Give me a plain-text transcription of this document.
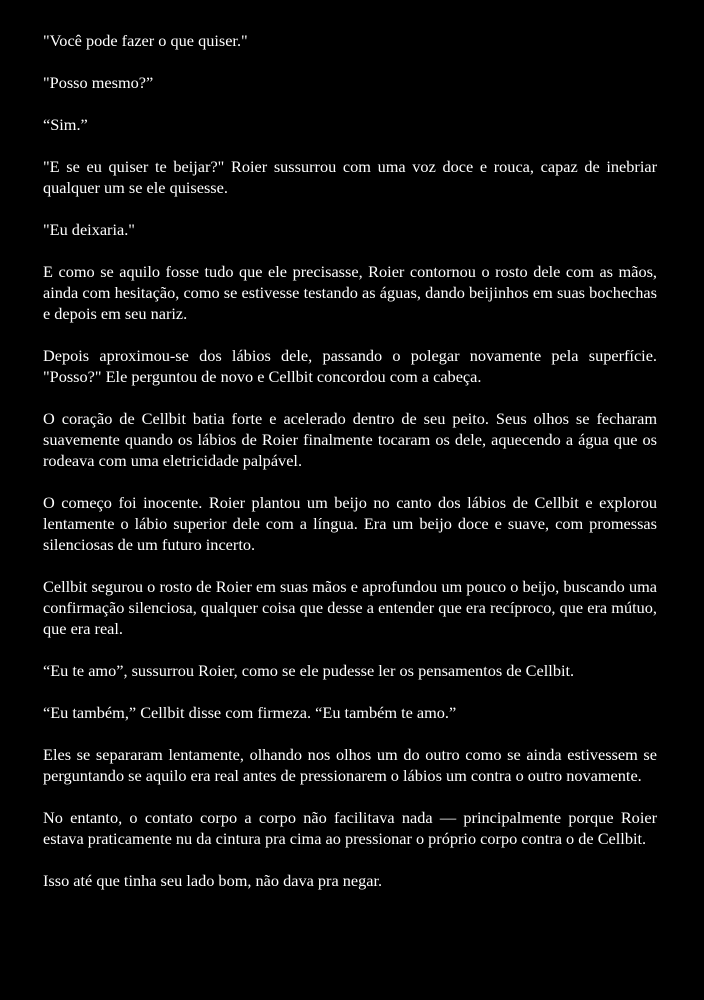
"Você pode fazer o que quiser."

"Posso mesmo?”

“Sim.”

"E se eu quiser te beijar?" Roier sussurrou com uma voz doce e rouca, capaz de inebriar qualquer um se ele quisesse.

"Eu deixaria."

E como se aquilo fosse tudo que ele precisasse, Roier contornou o rosto dele com as mãos, ainda com hesitação, como se estivesse testando as águas, dando beijinhos em suas bochechas e depois em seu nariz.

Depois aproximou-se dos lábios dele, passando o polegar novamente pela superfície. "Posso?" Ele perguntou de novo e Cellbit concordou com a cabeça.

O coração de Cellbit batia forte e acelerado dentro de seu peito. Seus olhos se fecharam suavemente quando os lábios de Roier finalmente tocaram os dele, aquecendo a água que os rodeava com uma eletricidade palpável.

O começo foi inocente. Roier plantou um beijo no canto dos lábios de Cellbit e explorou lentamente o lábio superior dele com a língua. Era um beijo doce e suave, com promessas silenciosas de um futuro incerto.

Cellbit segurou o rosto de Roier em suas mãos e aprofundou um pouco o beijo, buscando uma confirmação silenciosa, qualquer coisa que desse a entender que era recíproco, que era mútuo, que era real.

“Eu te amo”, sussurrou Roier, como se ele pudesse ler os pensamentos de Cellbit.

“Eu também,” Cellbit disse com firmeza. “Eu também te amo.”

Eles se separaram lentamente, olhando nos olhos um do outro como se ainda estivessem se perguntando se aquilo era real antes de pressionarem o lábios um contra o outro novamente.

No entanto, o contato corpo a corpo não facilitava nada — principalmente porque Roier estava praticamente nu da cintura pra cima ao pressionar o próprio corpo contra o de Cellbit.

Isso até que tinha seu lado bom, não dava pra negar.
